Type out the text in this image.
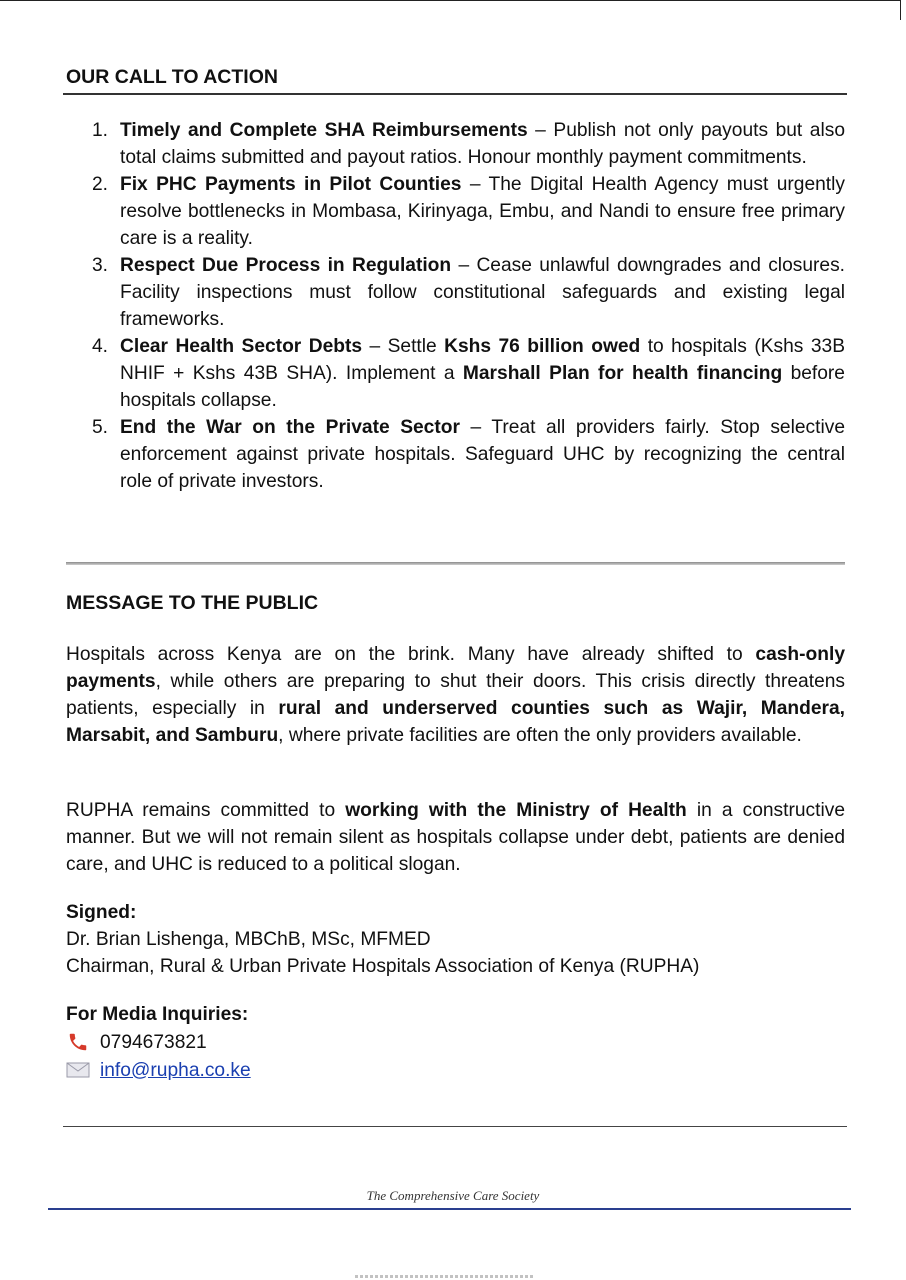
OUR CALL TO ACTION

1. Timely and Complete SHA Reimbursements – Publish not only payouts but also total claims submitted and payout ratios. Honour monthly payment commitments.
2. Fix PHC Payments in Pilot Counties – The Digital Health Agency must urgently resolve bottlenecks in Mombasa, Kirinyaga, Embu, and Nandi to ensure free primary care is a reality.
3. Respect Due Process in Regulation – Cease unlawful downgrades and closures. Facility inspections must follow constitutional safeguards and existing legal frameworks.
4. Clear Health Sector Debts – Settle Kshs 76 billion owed to hospitals (Kshs 33B NHIF + Kshs 43B SHA). Implement a Marshall Plan for health financing before hospitals collapse.
5. End the War on the Private Sector – Treat all providers fairly. Stop selective enforcement against private hospitals. Safeguard UHC by recognizing the central role of private investors.
MESSAGE TO THE PUBLIC

Hospitals across Kenya are on the brink. Many have already shifted to cash-only payments, while others are preparing to shut their doors. This crisis directly threatens patients, especially in rural and underserved counties such as Wajir, Mandera, Marsabit, and Samburu, where private facilities are often the only providers available.

RUPHA remains committed to working with the Ministry of Health in a constructive manner. But we will not remain silent as hospitals collapse under debt, patients are denied care, and UHC is reduced to a political slogan.

Signed:
Dr. Brian Lishenga, MBChB, MSc, MFMED
Chairman, Rural & Urban Private Hospitals Association of Kenya (RUPHA)
For Media Inquiries:
0794673821
info@rupha.co.ke
The Comprehensive Care Society
